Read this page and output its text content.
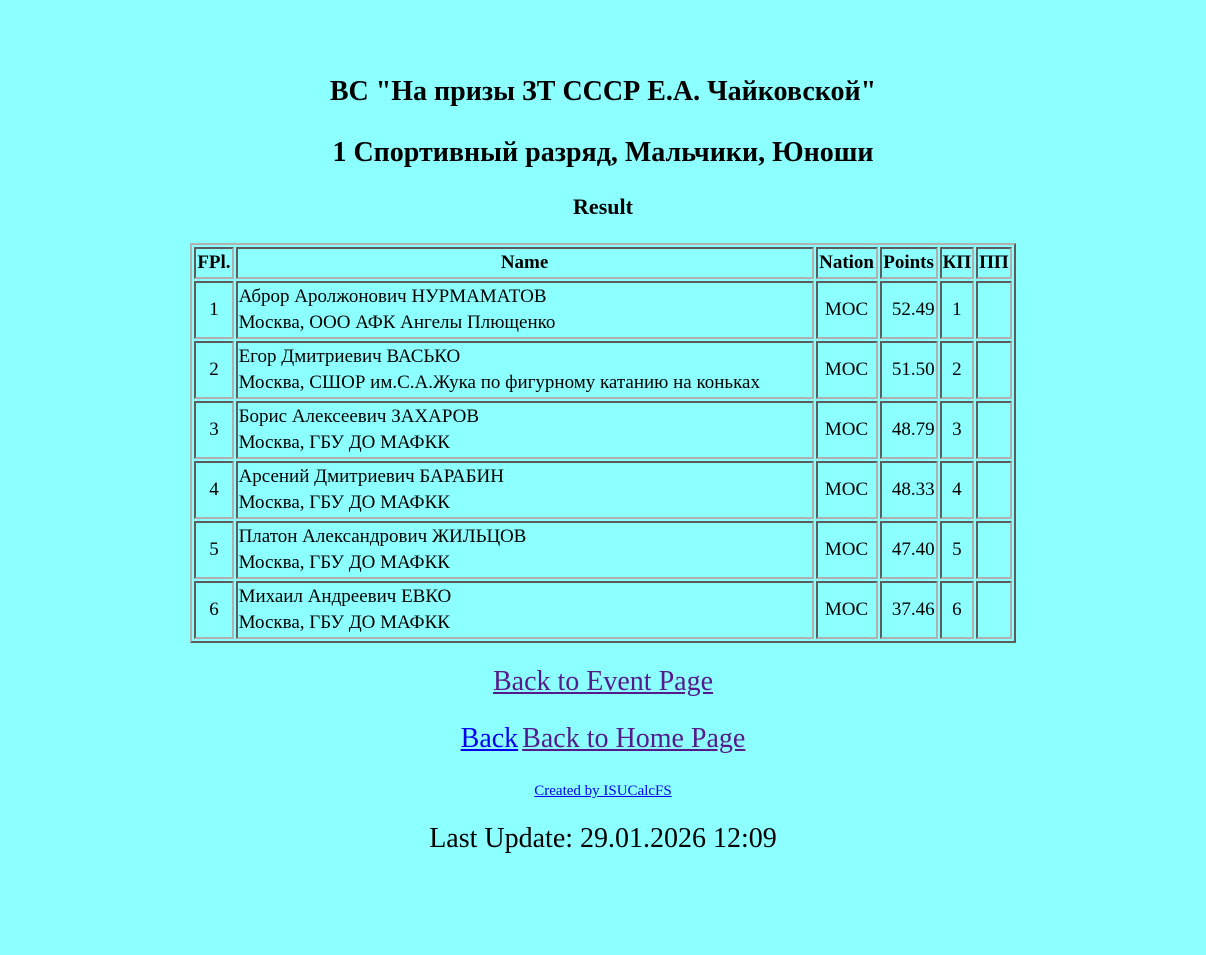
ВС "На призы ЗТ СССР Е.А. Чайковской"
1 Спортивный разряд, Мальчики, Юноши
Result
FPl.	Name	Nation	Points	КП	ПП
1	Аброр Аролжонович НУРМАМАТОВ
Москва, ООО АФК Ангелы Плющенко	MOC	52.49	1	
2	Егор Дмитриевич ВАСЬКО
Москва, СШОР им.С.А.Жука по фигурному катанию на коньках	MOC	51.50	2	
3	Борис Алексеевич ЗАХАРОВ
Москва, ГБУ ДО МАФКК	MOC	48.79	3	
4	Арсений Дмитриевич БАРАБИН
Москва, ГБУ ДО МАФКК	MOC	48.33	4	
5	Платон Александрович ЖИЛЬЦОВ
Москва, ГБУ ДО МАФКК	MOC	47.40	5	
6	Михаил Андреевич ЕВКО
Москва, ГБУ ДО МАФКК	MOC	37.46	6	
Back to Event Page
Back Back to Home Page
Created by ISUCalcFS
Last Update: 29.01.2026 12:09
